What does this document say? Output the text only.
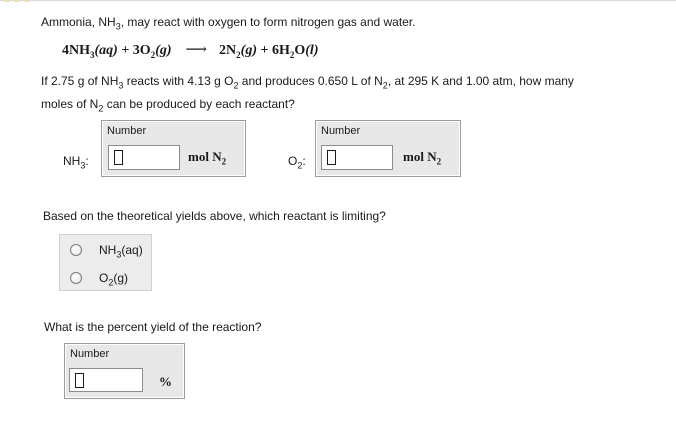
Ammonia, $NH_3$, may react with oxygen to form nitrogen gas and water.
$4NH_3(aq) + 3O_2(g)$ ⟶ $2N_2(g) + 6H_2O(l)$
If 2.75 g of $NH_3$ reacts with 4.13 g $O_2$ and produces 0.650 L of $N_2$, at 295 K and 1.00 atm, how many
moles of $N_2$ can be produced by each reactant?
$NH_3$:
Number
mol $N_2$	$O_2$:
Number
mol $N_2$
Based on the theoretical yields above, which reactant is limiting?
$NH_3(aq)$
$O_2(g)$
What is the percent yield of the reaction?
Number
%
